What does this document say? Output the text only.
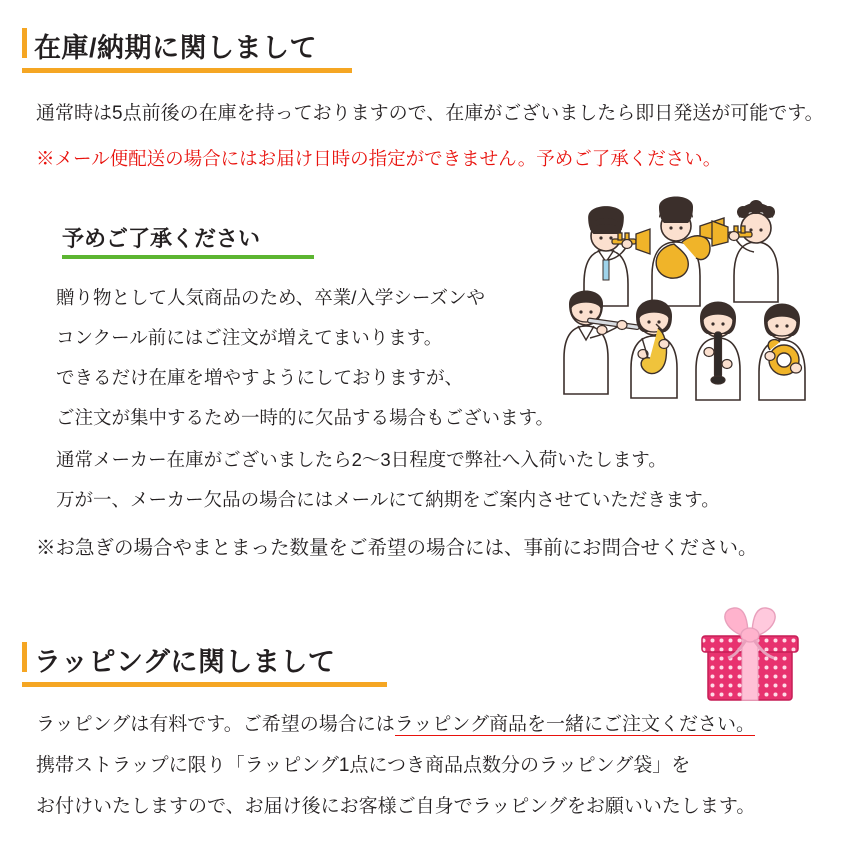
在庫/納期に関しまして
通常時は5点前後の在庫を持っておりますので、在庫がございましたら即日発送が可能です。
※メール便配送の場合にはお届け日時の指定ができません。予めご了承ください。
予めご了承ください
贈り物として人気商品のため、卒業/入学シーズンや
コンクール前にはご注文が増えてまいります。
できるだけ在庫を増やすようにしておりますが、
ご注文が集中するため一時的に欠品する場合もございます。
通常メーカー在庫がございましたら2〜3日程度で弊社へ入荷いたします。
万が一、メーカー欠品の場合にはメールにて納期をご案内させていただきます。
※お急ぎの場合やまとまった数量をご希望の場合には、事前にお問合せください。
ラッピングに関しまして
ラッピングは有料です。ご希望の場合にはラッピング商品を一緒にご注文ください。
携帯ストラップに限り「ラッピング1点につき商品点数分のラッピング袋」を
お付けいたしますので、お届け後にお客様ご自身でラッピングをお願いいたします。
